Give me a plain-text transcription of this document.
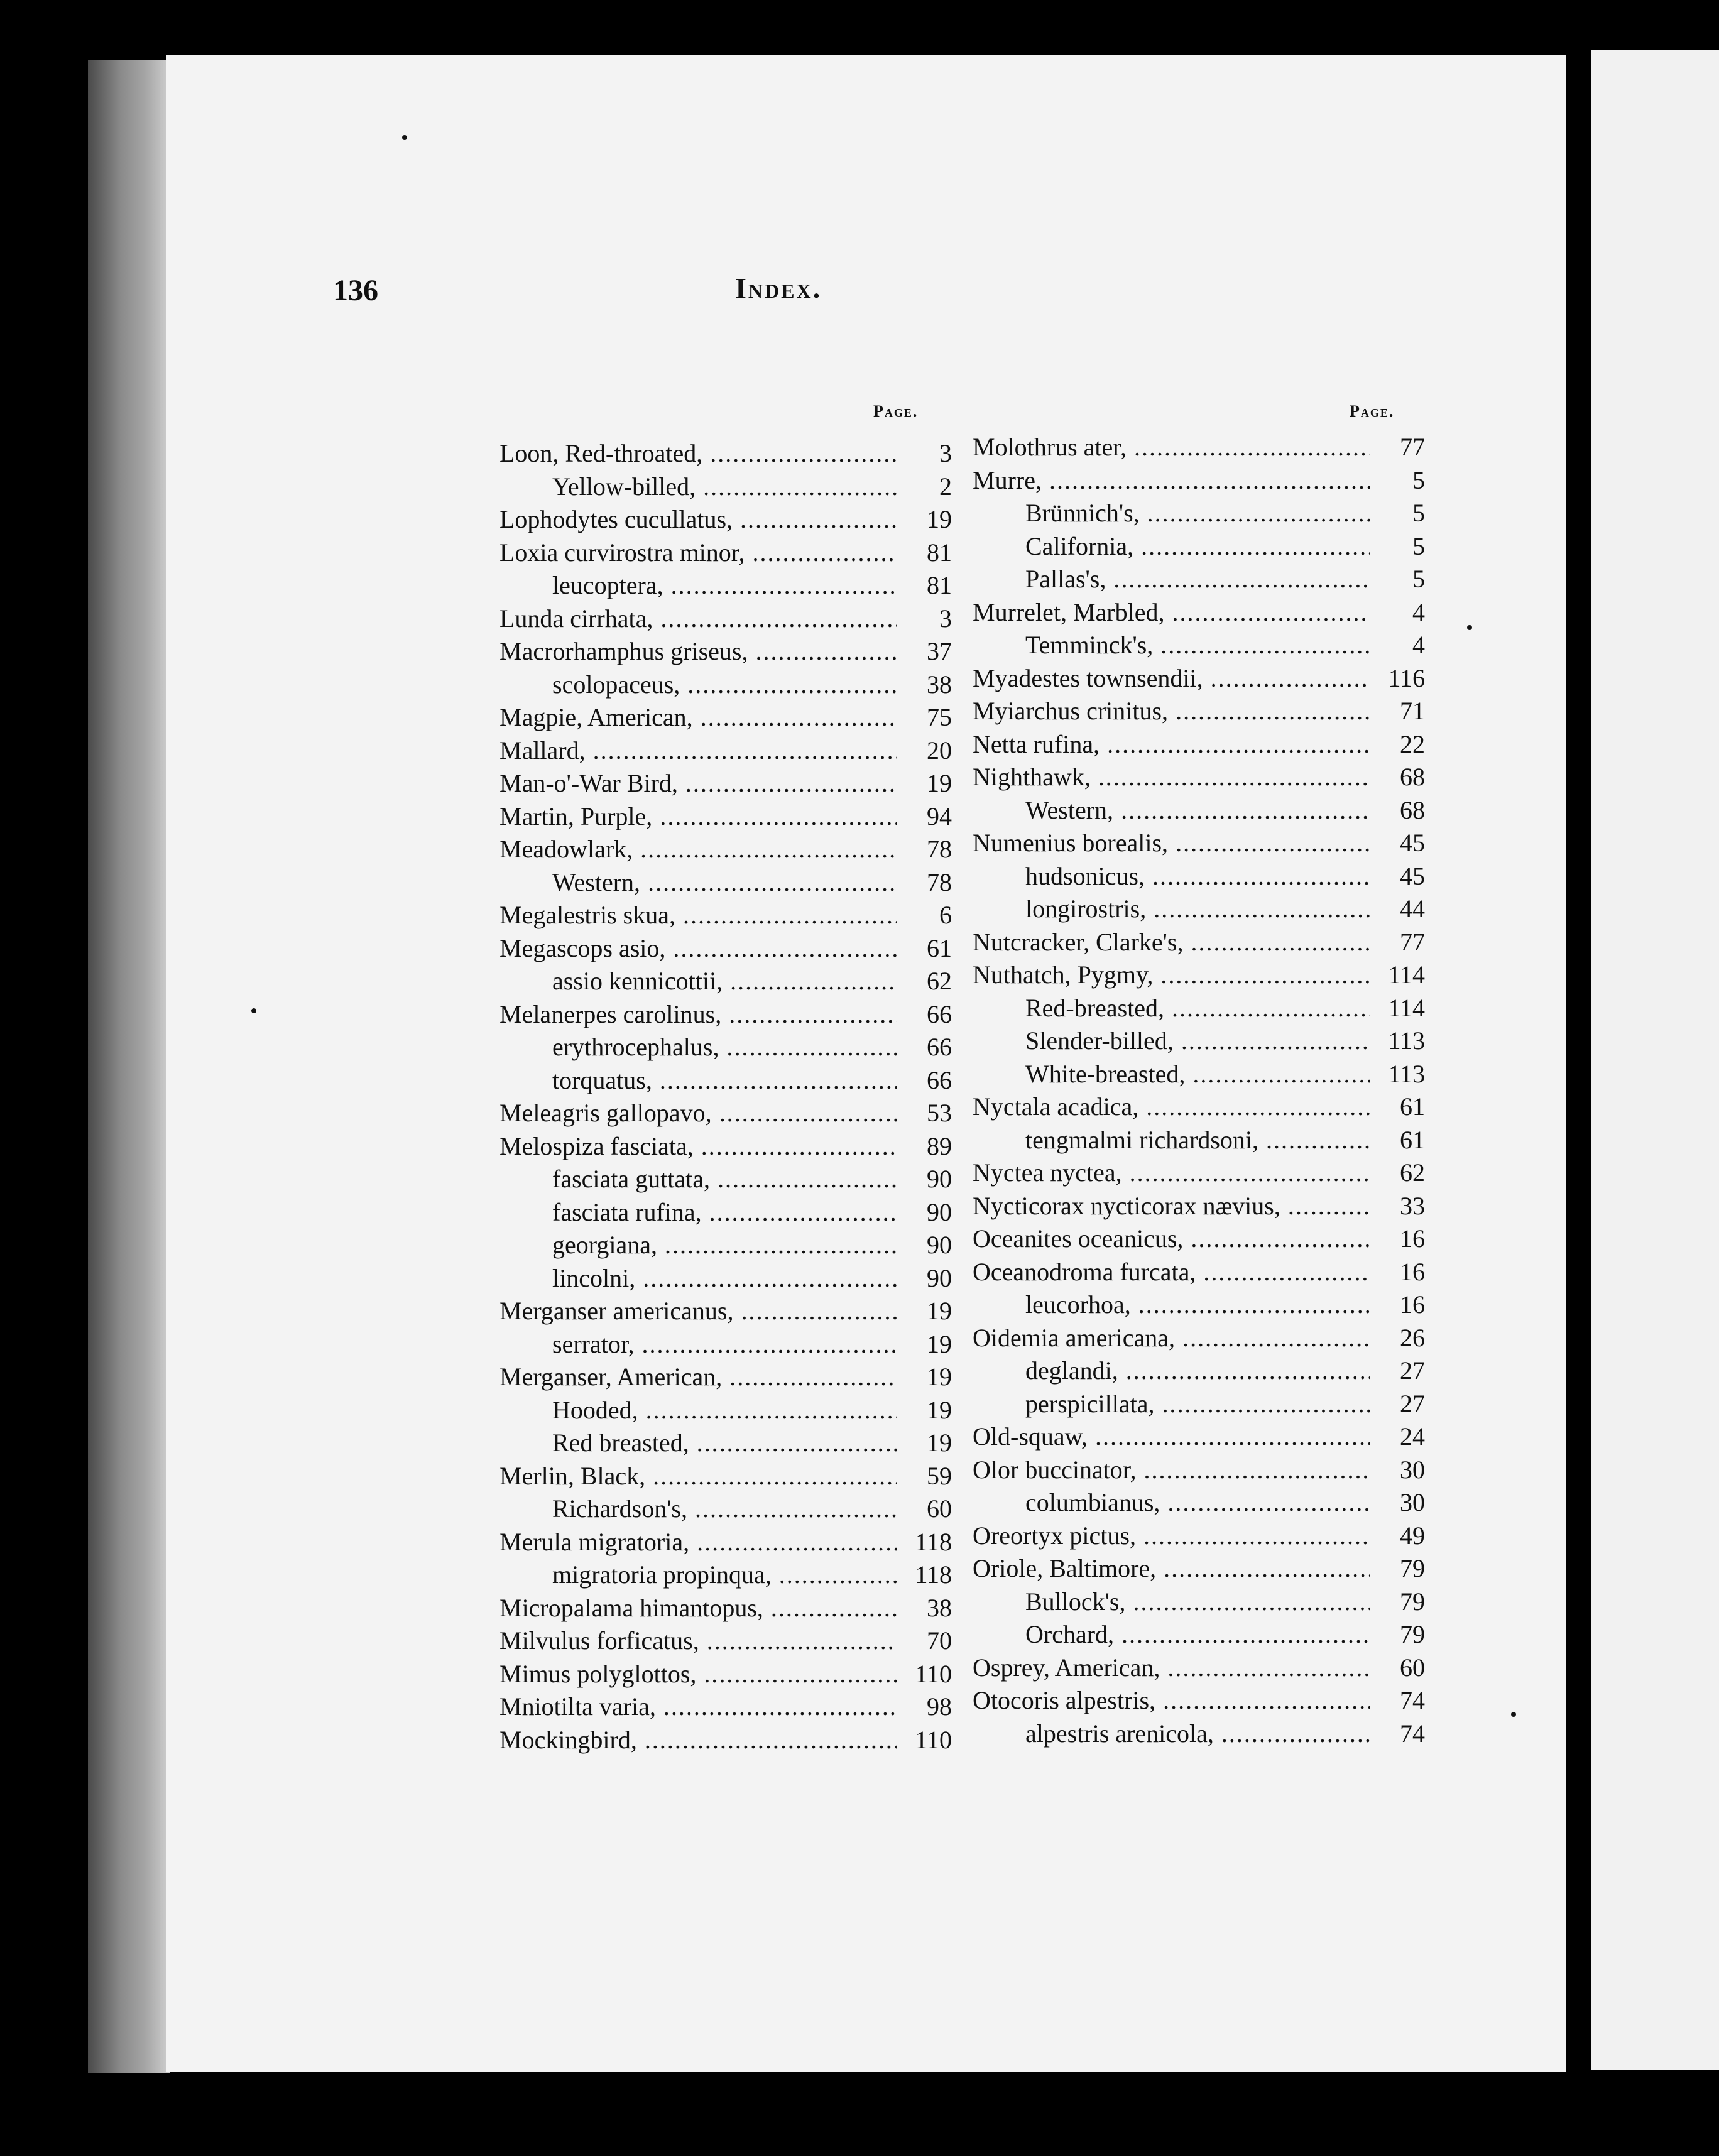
136	Index.
Page.	Page.
Loon, Red-throated, .....	3
Yellow-billed, .....	2
Lophodytes cucullatus, .....	19
Loxia curvirostra minor, .....	81
leucoptera, .....	81
Lunda cirrhata, .....	3
Macrorhamphus griseus, .....	37
scolopaceus, .....	38
Magpie, American, .....	75
Mallard, .....	20
Man-o'-War Bird, .....	19
Martin, Purple, .....	94
Meadowlark, .....	78
Western, .....	78
Megalestris skua, .....	6
Megascops asio, .....	61
assio kennicottii, .....	62
Melanerpes carolinus, .....	66
erythrocephalus, .....	66
torquatus, .....	66
Meleagris gallopavo, .....	53
Melospiza fasciata, .....	89
fasciata guttata, .....	90
fasciata rufina, .....	90
georgiana, .....	90
lincolni, .....	90
Merganser americanus, .....	19
serrator, .....	19
Merganser, American, .....	19
Hooded, .....	19
Red breasted, .....	19
Merlin, Black, .....	59
Richardson's, .....	60
Merula migratoria, .....	118
migratoria propinqua, .....	118
Micropalama himantopus, .....	38
Milvulus forficatus, .....	70
Mimus polyglottos, .....	110
Mniotilta varia, .....	98
Mockingbird, .....	110
Molothrus ater, .....	77
Murre, .....	5
Brünnich's, .....	5
California, .....	5
Pallas's, .....	5
Murrelet, Marbled, .....	4
Temminck's, .....	4
Myadestes townsendii, .....	116
Myiarchus crinitus, .....	71
Netta rufina, .....	22
Nighthawk, .....	68
Western, .....	68
Numenius borealis, .....	45
hudsonicus, .....	45
longirostris, .....	44
Nutcracker, Clarke's, .....	77
Nuthatch, Pygmy, .....	114
Red-breasted, .....	114
Slender-billed, .....	113
White-breasted, .....	113
Nyctala acadica, .....	61
tengmalmi richardsoni, .....	61
Nyctea nyctea, .....	62
Nycticorax nycticorax nævius, .....	33
Oceanites oceanicus, .....	16
Oceanodroma furcata, .....	16
leucorhoa, .....	16
Oidemia americana, .....	26
deglandi, .....	27
perspicillata, .....	27
Old-squaw, .....	24
Olor buccinator, .....	30
columbianus, .....	30
Oreortyx pictus, .....	49
Oriole, Baltimore, .....	79
Bullock's, .....	79
Orchard, .....	79
Osprey, American, .....	60
Otocoris alpestris, .....	74
alpestris arenicola, .....	74
